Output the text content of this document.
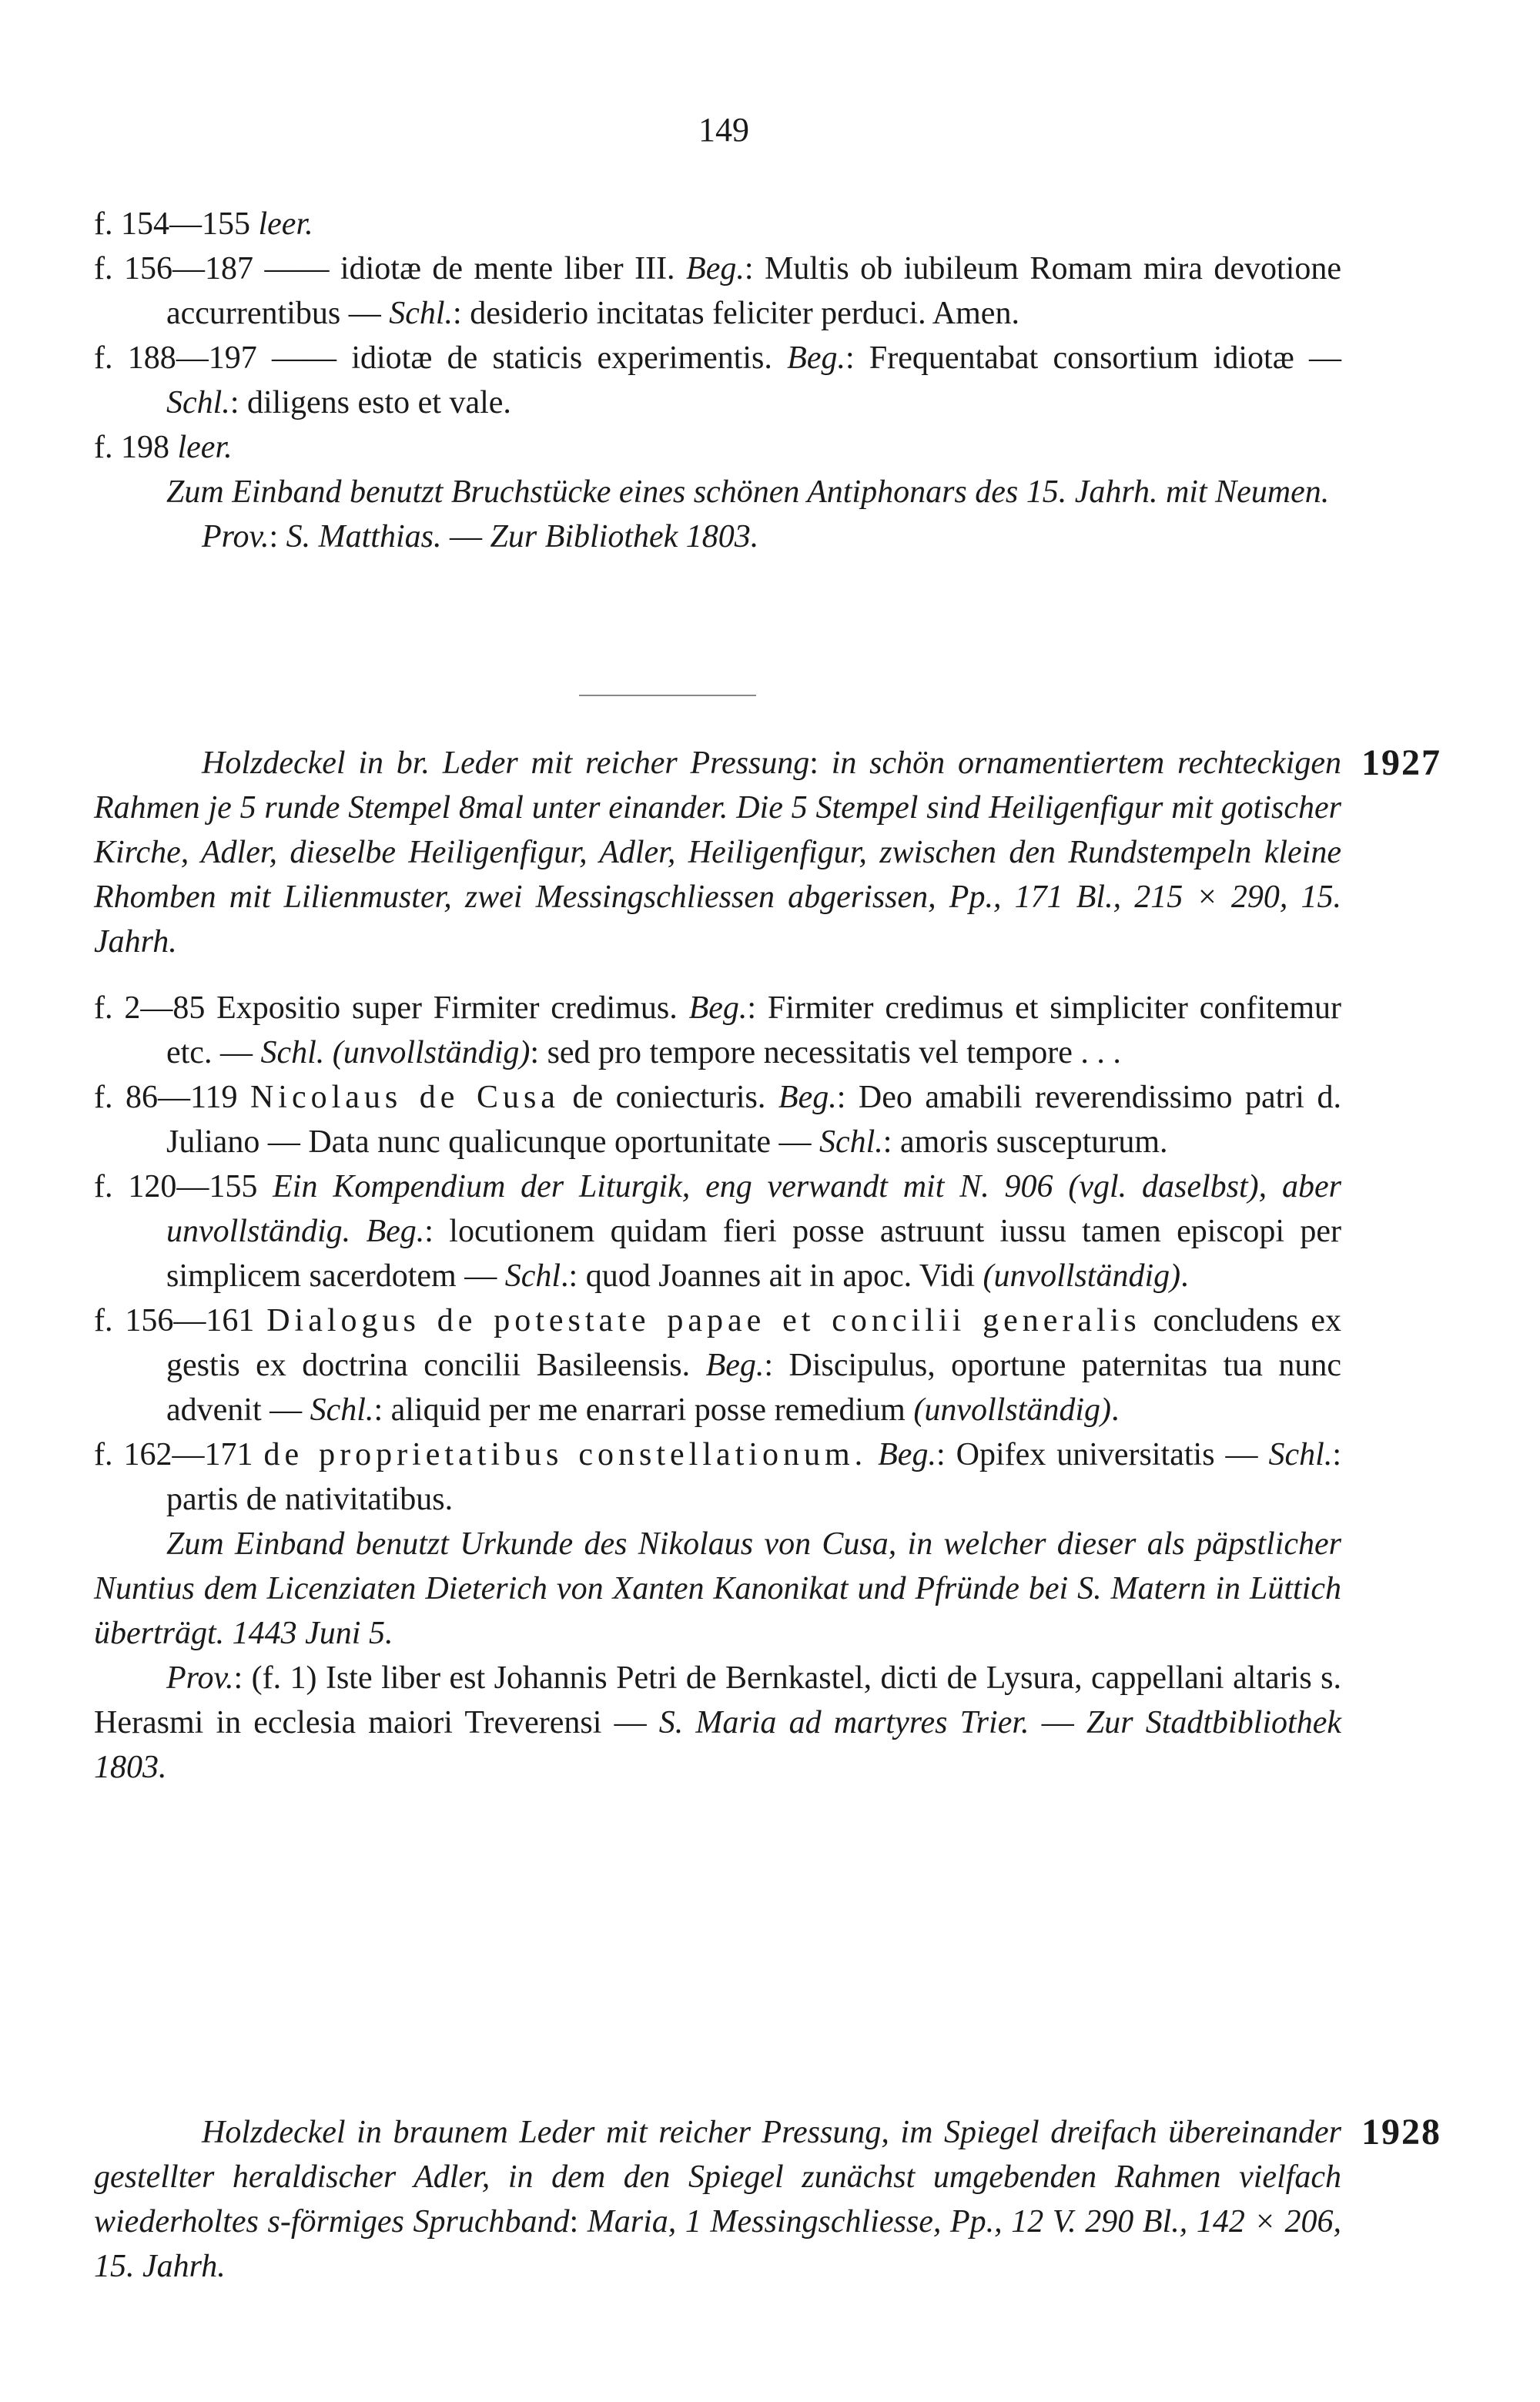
149
f. 154—155 leer.
f. 156—187 —— idiotæ de mente liber III. Beg.: Multis ob iubileum Romam mira devotione accurrentibus — Schl.: desiderio incitatas feliciter perduci. Amen.
f. 188—197 —— idiotæ de staticis experimentis. Beg.: Frequentabat consortium idiotæ — Schl.: diligens esto et vale.
f. 198 leer.
Zum Einband benutzt Bruchstücke eines schönen Antiphonars des 15. Jahrh. mit Neumen.
Prov.: S. Matthias. — Zur Bibliothek 1803.
1927
Holzdeckel in br. Leder mit reicher Pressung: in schön ornamentiertem rechteckigen Rahmen je 5 runde Stempel 8mal unter einander. Die 5 Stempel sind Heiligenfigur mit gotischer Kirche, Adler, dieselbe Heiligenfigur, Adler, Heiligenfigur, zwischen den Rundstempeln kleine Rhomben mit Lilienmuster, zwei Messingschliessen abgerissen, Pp., 171 Bl., 215 × 290, 15. Jahrh.
f. 2—85 Expositio super Firmiter credimus. Beg.: Firmiter credimus et simpliciter confitemur etc. — Schl. (unvollständig): sed pro tempore necessitatis vel tempore . . .
f. 86—119 Nicolaus de Cusa de coniecturis. Beg.: Deo amabili reverendissimo patri d. Juliano — Data nunc qualicunque oportunitate — Schl.: amoris suscepturum.
f. 120—155 Ein Kompendium der Liturgik, eng verwandt mit N. 906 (vgl. daselbst), aber unvollständig. Beg.: locutionem quidam fieri posse astruunt iussu tamen episcopi per simplicem sacerdotem — Schl.: quod Joannes ait in apoc. Vidi (unvollständig).
f. 156—161 Dialogus de potestate papae et concilii generalis concludens ex gestis ex doctrina concilii Basileensis. Beg.: Discipulus, oportune paternitas tua nunc advenit — Schl.: aliquid per me enarrari posse remedium (unvollständig).
f. 162—171 de proprietatibus constellationum. Beg.: Opifex universitatis — Schl.: partis de nativitatibus.
Zum Einband benutzt Urkunde des Nikolaus von Cusa, in welcher dieser als päpstlicher Nuntius dem Licenziaten Dieterich von Xanten Kanonikat und Pfründe bei S. Matern in Lüttich überträgt. 1443 Juni 5.
Prov.: (f. 1) Iste liber est Johannis Petri de Bernkastel, dicti de Lysura, cappellani altaris s. Herasmi in ecclesia maiori Treverensi — S. Maria ad martyres Trier. — Zur Stadtbibliothek 1803.
1928
Holzdeckel in braunem Leder mit reicher Pressung, im Spiegel dreifach übereinander gestellter heraldischer Adler, in dem den Spiegel zunächst umgebenden Rahmen vielfach wiederholtes s-förmiges Spruchband: Maria, 1 Messingschliesse, Pp., 12 V. 290 Bl., 142 × 206, 15. Jahrh.
